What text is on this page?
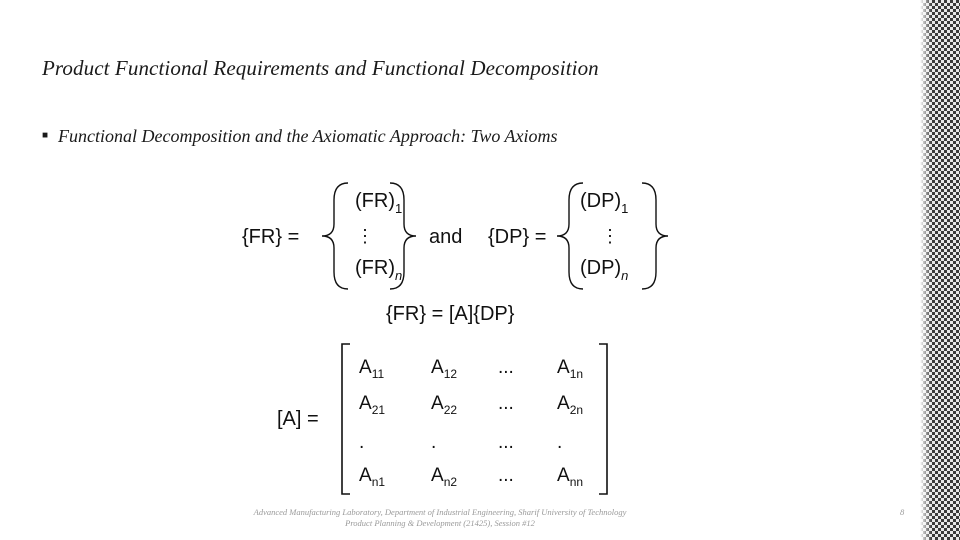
Product Functional Requirements and Functional Decomposition
■ Functional Decomposition and the Axiomatic Approach: Two Axioms
{FR} =
$(FR)_1$
⋮
$(FR)_n$
and {DP} =
$(DP)_1$
⋮
$(DP)_n$
{FR} = [A]{DP}
[A] =
$A_{11}$ $A_{12}$ ... $A_{1n}$
$A_{21}$ $A_{22}$ ... $A_{2n}$
.	.	... .
$A_{n1}$ $A_{n2}$ ... $A_{nn}$
Advanced Manufacturing Laboratory, Department of Industrial Engineering, Sharif University of Technology
Product Planning & Development (21425), Session #12
8
